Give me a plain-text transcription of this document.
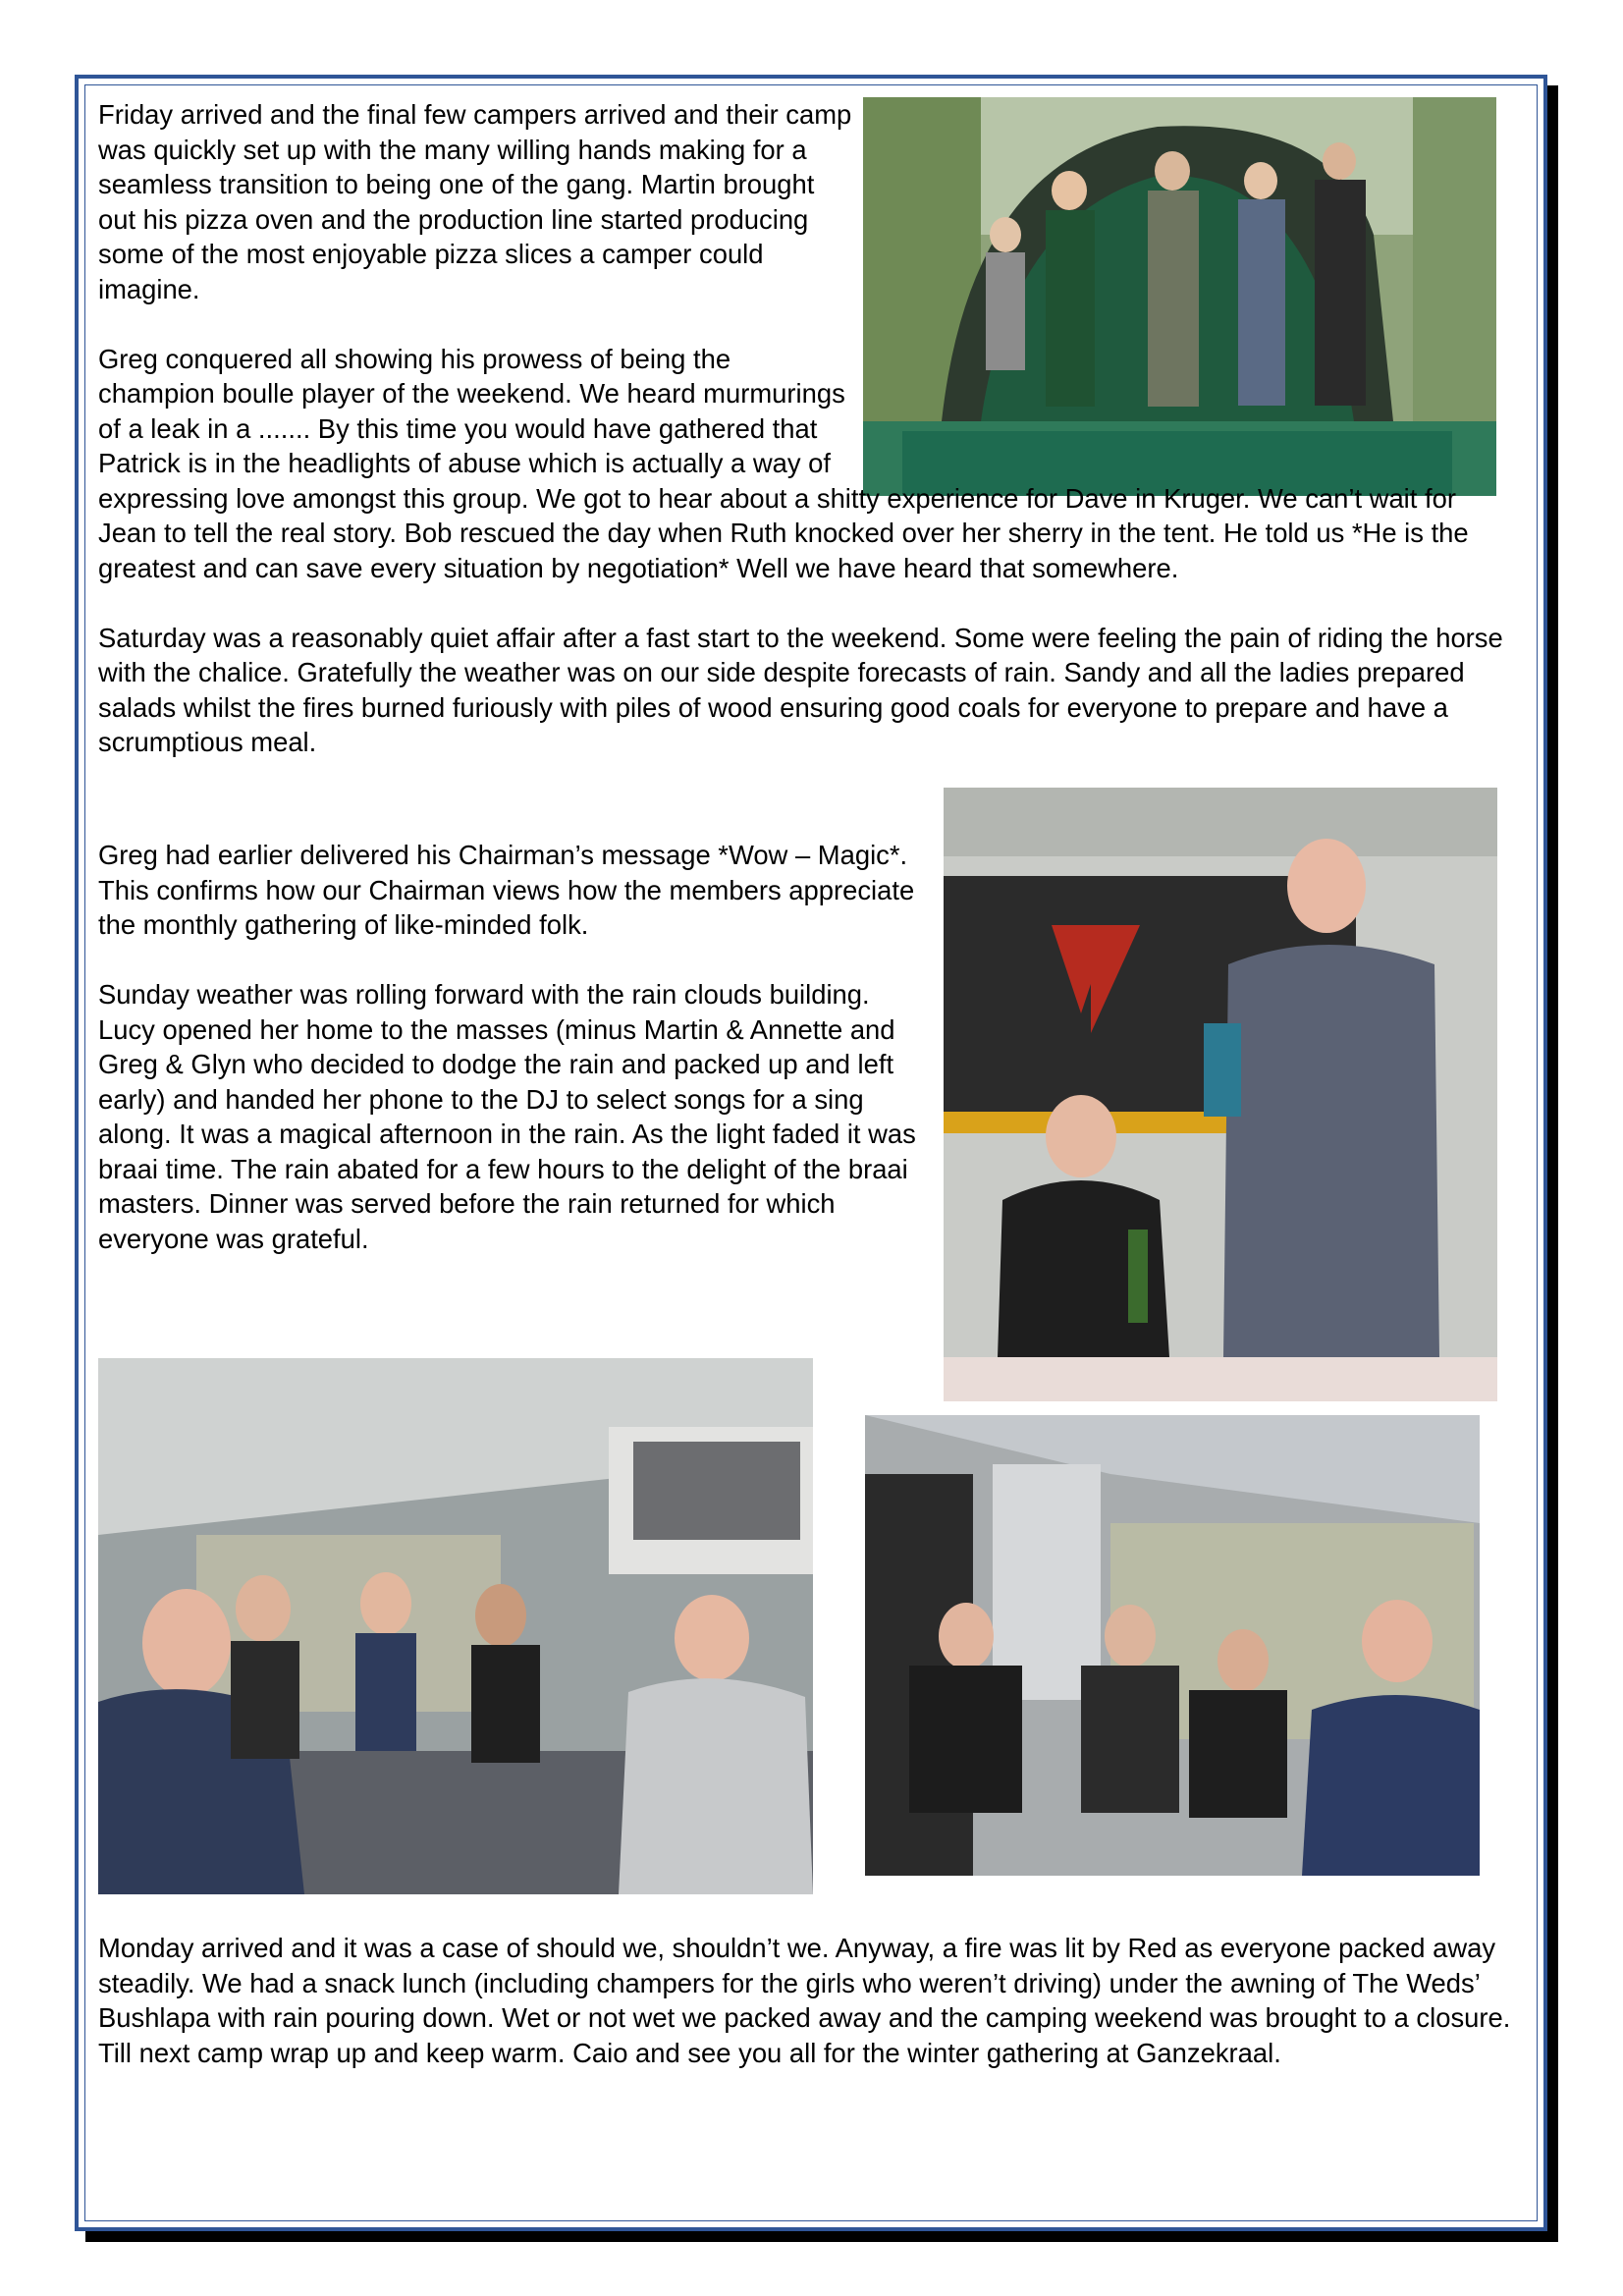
Friday arrived and the final few campers arrived and their camp was quickly set up with the many willing hands making for a seamless transition to being one of the gang. Martin brought out his pizza oven and the production line started producing some of the most enjoyable pizza slices a camper could imagine.

Greg conquered all showing his prowess of being the champion boulle player of the weekend. We heard murmurings of a leak in a ....... By this time you would have gathered that Patrick is in the headlights of abuse which is actually a way of expressing love amongst this group. We got to hear about a shitty experience for Dave in Kruger. We can’t wait for Jean to tell the real story. Bob rescued the day when Ruth knocked over her sherry in the tent. He told us *He is the greatest and can save every situation by negotiation* Well we have heard that somewhere.

Saturday was a reasonably quiet affair after a fast start to the weekend. Some were feeling the pain of riding the horse with the chalice. Gratefully the weather was on our side despite forecasts of rain. Sandy and all the ladies prepared salads whilst the fires burned furiously with piles of wood ensuring good coals for everyone to prepare and have a scrumptious meal.

Greg had earlier delivered his Chairman’s message *Wow – Magic*. This confirms how our Chairman views how the members appreciate the monthly gathering of like-minded folk.

Sunday weather was rolling forward with the rain clouds building. Lucy opened her home to the masses (minus Martin & Annette and Greg & Glyn who decided to dodge the rain and packed up and left early) and handed her phone to the DJ to select songs for a sing along. It was a magical afternoon in the rain. As the light faded it was braai time. The rain abated for a few hours to the delight of the braai masters. Dinner was served before the rain returned for which everyone was grateful.

Monday arrived and it was a case of should we, shouldn’t we. Anyway, a fire was lit by Red as everyone packed away steadily. We had a snack lunch (including champers for the girls who weren’t driving) under the awning of The Weds’ Bushlapa with rain pouring down. Wet or not wet we packed away and the camping weekend was brought to a closure. Till next camp wrap up and keep warm. Caio and see you all for the winter gathering at Ganzekraal.
